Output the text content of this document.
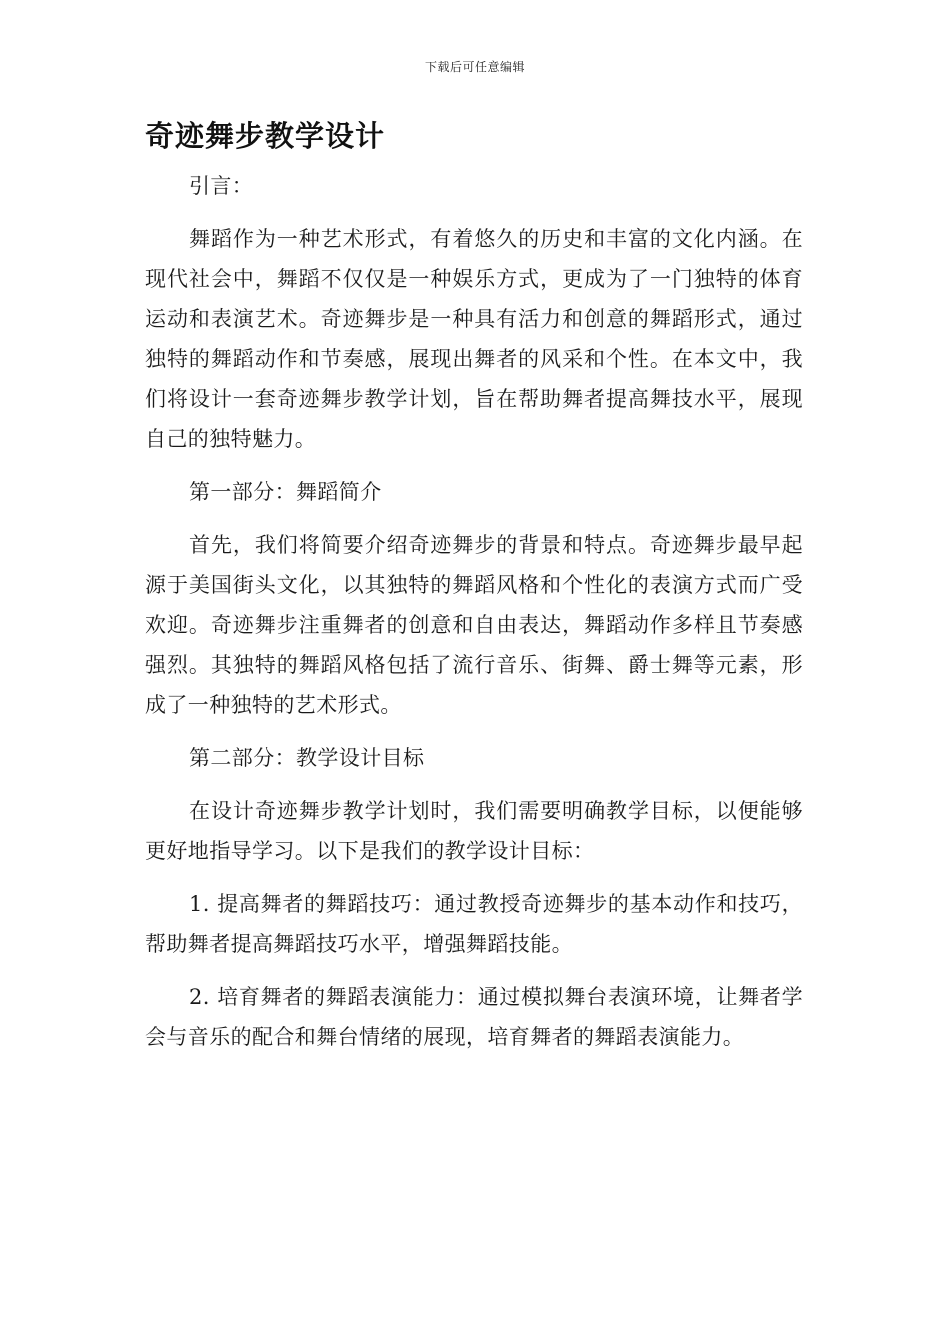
下载后可任意编辑
奇迹舞步教学设计

引言：

舞蹈作为一种艺术形式，有着悠久的历史和丰富的文化内涵。在现代社会中，舞蹈不仅仅是一种娱乐方式，更成为了一门独特的体育运动和表演艺术。奇迹舞步是一种具有活力和创意的舞蹈形式，通过独特的舞蹈动作和节奏感，展现出舞者的风采和个性。在本文中，我们将设计一套奇迹舞步教学计划，旨在帮助舞者提高舞技水平，展现自己的独特魅力。

第一部分：舞蹈简介

首先，我们将简要介绍奇迹舞步的背景和特点。奇迹舞步最早起源于美国街头文化，以其独特的舞蹈风格和个性化的表演方式而广受欢迎。奇迹舞步注重舞者的创意和自由表达，舞蹈动作多样且节奏感强烈。其独特的舞蹈风格包括了流行音乐、街舞、爵士舞等元素，形成了一种独特的艺术形式。

第二部分：教学设计目标

在设计奇迹舞步教学计划时，我们需要明确教学目标，以便能够更好地指导学习。以下是我们的教学设计目标：

1. 提高舞者的舞蹈技巧：通过教授奇迹舞步的基本动作和技巧，帮助舞者提高舞蹈技巧水平，增强舞蹈技能。

2. 培育舞者的舞蹈表演能力：通过模拟舞台表演环境，让舞者学会与音乐的配合和舞台情绪的展现，培育舞者的舞蹈表演能力。
